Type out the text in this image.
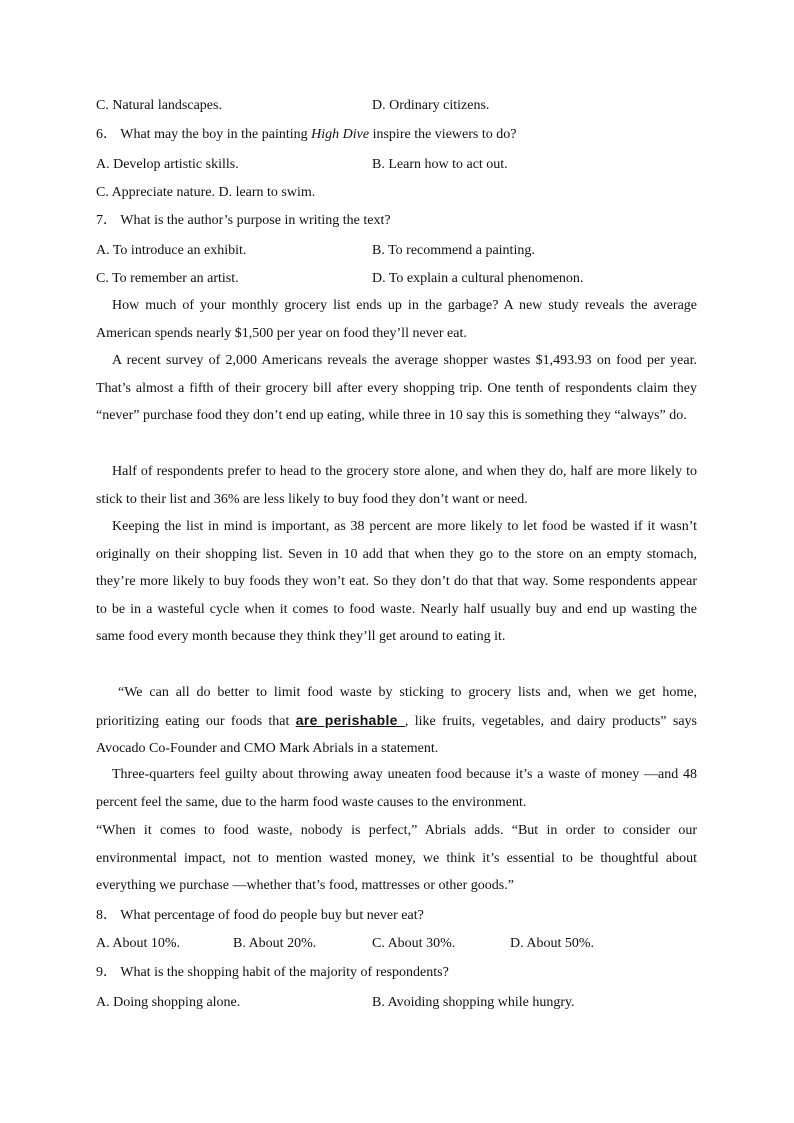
C. Natural landscapes.	D. Ordinary citizens.
6． What may the boy in the painting High Dive inspire the viewers to do?
A. Develop artistic skills.	B. Learn how to act out.
C. Appreciate nature. D. learn to swim.
7． What is the author’s purpose in writing the text?
A. To introduce an exhibit.	B. To recommend a painting.
C. To remember an artist.	D. To explain a cultural phenomenon.
How much of your monthly grocery list ends up in the garbage? A new study reveals the average American spends nearly $1,500 per year on food they’ll never eat.
A recent survey of 2,000 Americans reveals the average shopper wastes $1,493.93 on food per year. That’s almost a fifth of their grocery bill after every shopping trip. One tenth of respondents claim they “never” purchase food they don’t end up eating, while three in 10 say this is something they “always” do.
Half of respondents prefer to head to the grocery store alone, and when they do, half are more likely to stick to their list and 36% are less likely to buy food they don’t want or need.
Keeping the list in mind is important, as 38 percent are more likely to let food be wasted if it wasn’t originally on their shopping list. Seven in 10 add that when they go to the store on an empty stomach, they’re more likely to buy foods they won’t eat. So they don’t do that that way. Some respondents appear to be in a wasteful cycle when it comes to food waste. Nearly half usually buy and end up wasting the same food every month because they think they’ll get around to eating it.
“We can all do better to limit food waste by sticking to grocery lists and, when we get home, prioritizing eating our foods that are perishable , like fruits, vegetables, and dairy products” says Avocado Co-Founder and CMO Mark Abrials in a statement.
Three-quarters feel guilty about throwing away uneaten food because it’s a waste of money —and 48 percent feel the same, due to the harm food waste causes to the environment.
“When it comes to food waste, nobody is perfect,” Abrials adds. “But in order to consider our environmental impact, not to mention wasted money, we think it’s essential to be thoughtful about everything we purchase —whether that’s food, mattresses or other goods.”
8． What percentage of food do people buy but never eat?
A. About 10%.	B. About 20%.	C. About 30%.	D. About 50%.
9． What is the shopping habit of the majority of respondents?
A. Doing shopping alone.	B. Avoiding shopping while hungry.
